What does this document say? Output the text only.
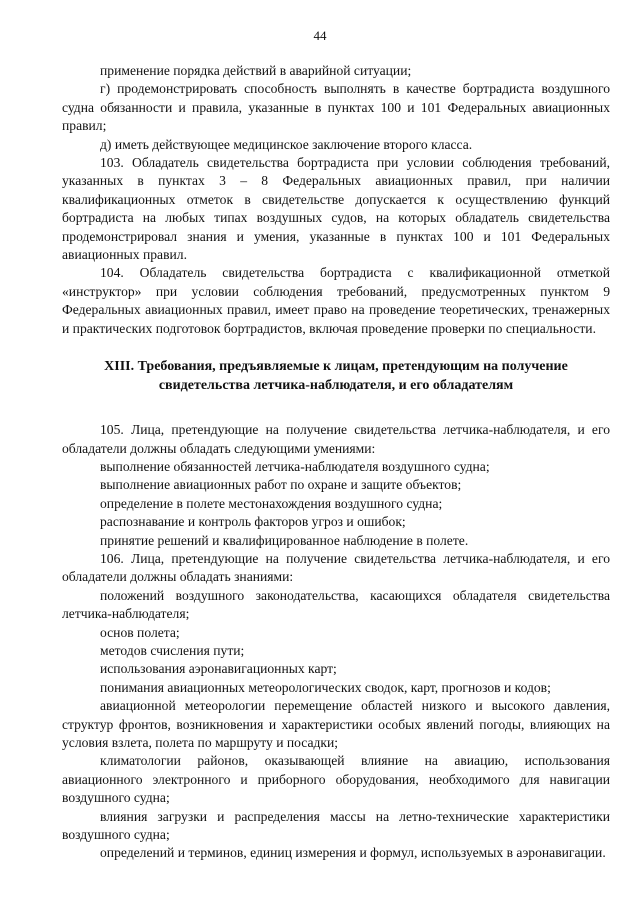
44

применение порядка действий в аварийной ситуации;

г) продемонстрировать способность выполнять в качестве бортрадиста воздушного судна обязанности и правила, указанные в пунктах 100 и 101 Федеральных авиационных правил;

д) иметь действующее медицинское заключение второго класса.

103. Обладатель свидетельства бортрадиста при условии соблюдения требований, указанных в пунктах 3 – 8 Федеральных авиационных правил, при наличии квалификационных отметок в свидетельстве допускается к осуществлению функций бортрадиста на любых типах воздушных судов, на которых обладатель свидетельства продемонстрировал знания и умения, указанные в пунктах 100 и 101 Федеральных авиационных правил.

104. Обладатель свидетельства бортрадиста с квалификационной отметкой «инструктор» при условии соблюдения требований, предусмотренных пунктом 9 Федеральных авиационных правил, имеет право на проведение теоретических, тренажерных и практических подготовок бортрадистов, включая проведение проверки по специальности.

XIII. Требования, предъявляемые к лицам, претендующим на получение
свидетельства летчика-наблюдателя, и его обладателям

105. Лица, претендующие на получение свидетельства летчика-наблюдателя, и его обладатели должны обладать следующими умениями:

выполнение обязанностей летчика-наблюдателя воздушного судна;

выполнение авиационных работ по охране и защите объектов;

определение в полете местонахождения воздушного судна;

распознавание и контроль факторов угроз и ошибок;

принятие решений и квалифицированное наблюдение в полете.

106. Лица, претендующие на получение свидетельства летчика-наблюдателя, и его обладатели должны обладать знаниями:

положений воздушного законодательства, касающихся обладателя свидетельства летчика-наблюдателя;

основ полета;

методов счисления пути;

использования аэронавигационных карт;

понимания авиационных метеорологических сводок, карт, прогнозов и кодов;

авиационной метеорологии перемещение областей низкого и высокого давления, структур фронтов, возникновения и характеристики особых явлений погоды, влияющих на условия взлета, полета по маршруту и посадки;

климатологии районов, оказывающей влияние на авиацию, использования авиационного электронного и приборного оборудования, необходимого для навигации воздушного судна;

влияния загрузки и распределения массы на летно-технические характеристики воздушного судна;

определений и терминов, единиц измерения и формул, используемых в аэронавигации.
